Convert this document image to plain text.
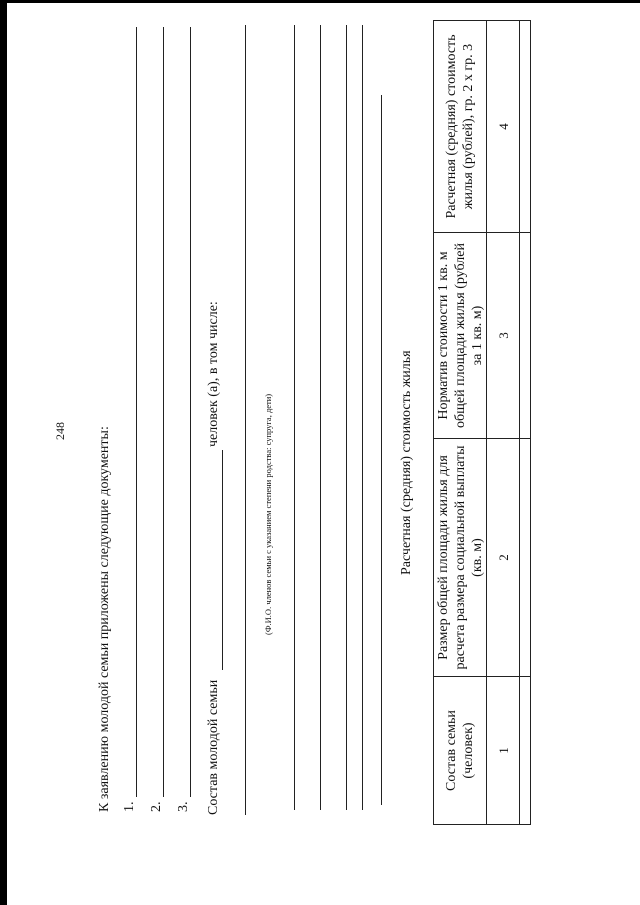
248 К заявлению молодой семьи приложены следующие документы: 1. 2. 3. Состав молодой семьи
человек (а), в том числе:
(Ф.И.О. членов семьи с указанием степени родства: супруга, дети)	Расчетная (средняя) стоимость жилья
Состав семьи (человек)	Размер общей площади жилья для расчета размера социальной выплаты (кв. м)	Норматив стоимости 1 кв. м общей площади жилья (рублей за 1 кв. м)	Расчетная (средняя) стоимость жилья (рублей), гр. 2 х гр. 3
1	2	3	4
